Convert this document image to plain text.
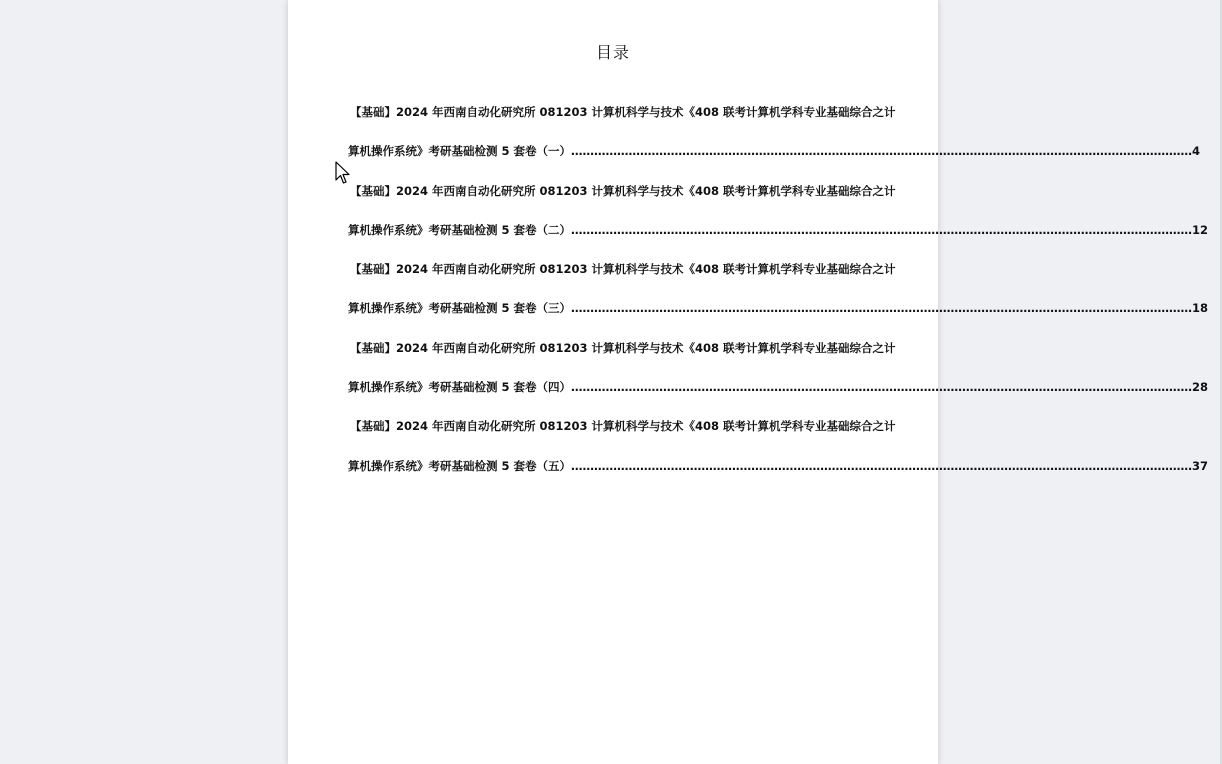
目录
【基础】2024 年西南自动化研究所 081203 计算机科学与技术《408 联考计算机学科专业基础综合之计
算机操作系统》考研基础检测 5 套卷（一） ……………………………………………………………………………………………………………………………………………… 4
【基础】2024 年西南自动化研究所 081203 计算机科学与技术《408 联考计算机学科专业基础综合之计
算机操作系统》考研基础检测 5 套卷（二） ……………………………………………………………………………………………………………………………………………… 12
【基础】2024 年西南自动化研究所 081203 计算机科学与技术《408 联考计算机学科专业基础综合之计
算机操作系统》考研基础检测 5 套卷（三） ……………………………………………………………………………………………………………………………………………… 18
【基础】2024 年西南自动化研究所 081203 计算机科学与技术《408 联考计算机学科专业基础综合之计
算机操作系统》考研基础检测 5 套卷（四） ……………………………………………………………………………………………………………………………………………… 28
【基础】2024 年西南自动化研究所 081203 计算机科学与技术《408 联考计算机学科专业基础综合之计
算机操作系统》考研基础检测 5 套卷（五） ……………………………………………………………………………………………………………………………………………… 37
